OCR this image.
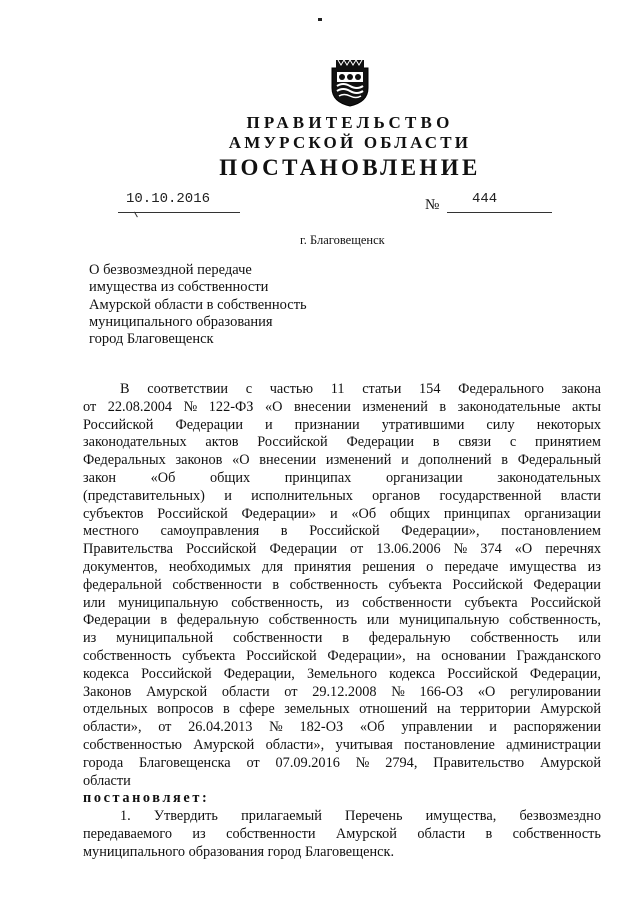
ПРАВИТЕЛЬСТВО
АМУРСКОЙ ОБЛАСТИ
ПОСТАНОВЛЕНИЕ
10.10.2016	№ 444
г. Благовещенск
О безвозмездной передаче
имущества из собственности
Амурской области в собственность
муниципального образования
город Благовещенск
В соответствии с частью 11 статьи 154 Федерального закона
от 22.08.2004 № 122-ФЗ «О внесении изменений в законодательные акты
Российской Федерации и признании утратившими силу некоторых
законодательных актов Российской Федерации в связи с принятием
Федеральных законов «О внесении изменений и дополнений в Федеральный
закон «Об общих принципах организации законодательных
(представительных) и исполнительных органов государственной власти
субъектов Российской Федерации» и «Об общих принципах организации
местного самоуправления в Российской Федерации», постановлением
Правительства Российской Федерации от 13.06.2006 № 374 «О перечнях
документов, необходимых для принятия решения о передаче имущества из
федеральной собственности в собственность субъекта Российской Федерации
или муниципальную собственность, из собственности субъекта Российской
Федерации в федеральную собственность или муниципальную собственность,
из муниципальной собственности в федеральную собственность или
собственность субъекта Российской Федерации», на основании Гражданского
кодекса Российской Федерации, Земельного кодекса Российской Федерации,
Законов Амурской области от 29.12.2008 № 166-ОЗ «О регулировании
отдельных вопросов в сфере земельных отношений на территории Амурской
области», от 26.04.2013 № 182-ОЗ «Об управлении и распоряжении
собственностью Амурской области», учитывая постановление администрации
города Благовещенска от 07.09.2016 № 2794, Правительство Амурской
области
постановляет:
1. Утвердить прилагаемый Перечень имущества, безвозмездно
передаваемого из собственности Амурской области в собственность
муниципального образования город Благовещенск.
